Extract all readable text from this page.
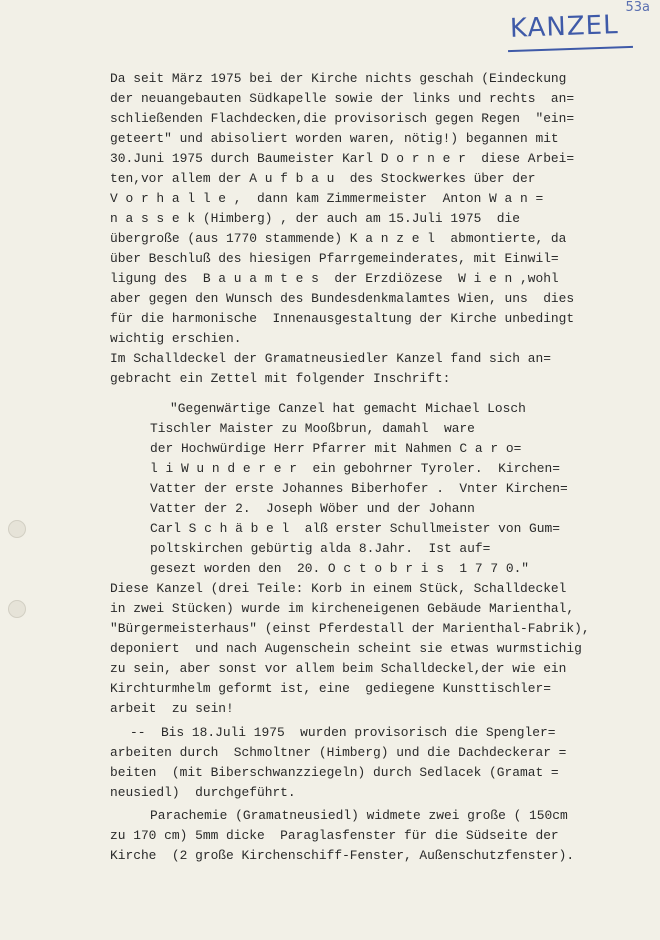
53a
KANZEL

Da seit März 1975 bei der Kirche nichts geschah (Eindeckung

der neuangebauten Südkapelle sowie der links und rechts  an=

schließenden Flachdecken,die provisorisch gegen Regen  "ein=

geteert" und abisoliert worden waren, nötig!) begannen mit

30.Juni 1975 durch Baumeister Karl D o r n e r  diese Arbei=

ten,vor allem der A u f b a u  des Stockwerkes über der

V o r h a l l e ,  dann kam Zimmermeister  Anton W a n =

n a s s e k (Himberg) , der auch am 15.Juli 1975  die

übergroße (aus 1770 stammende) K a n z e l  abmontierte, da

über Beschluß des hiesigen Pfarrgemeinderates, mit Einwil=

ligung des  B a u a m t e s  der Erzdiözese  W i e n ,wohl

aber gegen den Wunsch des Bundesdenkmalamtes Wien, uns  dies

für die harmonische  Innenausgestaltung der Kirche unbedingt

wichtig erschien.

Im Schalldeckel der Gramatneusiedler Kanzel fand sich an=

gebracht ein Zettel mit folgender Inschrift:

"Gegenwärtige Canzel hat gemacht Michael Losch

Tischler Maister zu Mooßbrun, damahl  ware

der Hochwürdige Herr Pfarrer mit Nahmen C a r o=

l i W u n d e r e r  ein gebohrner Tyroler.  Kirchen=

Vatter der erste Johannes Biberhofer .  Vnter Kirchen=

Vatter der 2.  Joseph Wöber und der Johann

Carl S c h ä b e l  alß erster Schullmeister von Gum=

poltskirchen gebürtig alda 8.Jahr.  Ist auf=

gesezt worden den  20. O c t o b r i s  1 7 7 0."

Diese Kanzel (drei Teile: Korb in einem Stück, Schalldeckel

in zwei Stücken) wurde im kircheneigenen Gebäude Marienthal,

"Bürgermeisterhaus" (einst Pferdestall der Marienthal-Fabrik),

deponiert  und nach Augenschein scheint sie etwas wurmstichig

zu sein, aber sonst vor allem beim Schalldeckel,der wie ein

Kirchturmhelm geformt ist, eine  gediegene Kunsttischler=

arbeit  zu sein!

--  Bis 18.Juli 1975  wurden provisorisch die Spengler=

arbeiten durch  Schmoltner (Himberg) und die Dachdeckerar =

beiten  (mit Biberschwanzziegeln) durch Sedlacek (Gramat =

neusiedl)  durchgeführt.

Parachemie (Gramatneusiedl) widmete zwei große ( 150cm

zu 170 cm) 5mm dicke  Paraglasfenster für die Südseite der

Kirche  (2 große Kirchenschiff-Fenster, Außenschutzfenster).
